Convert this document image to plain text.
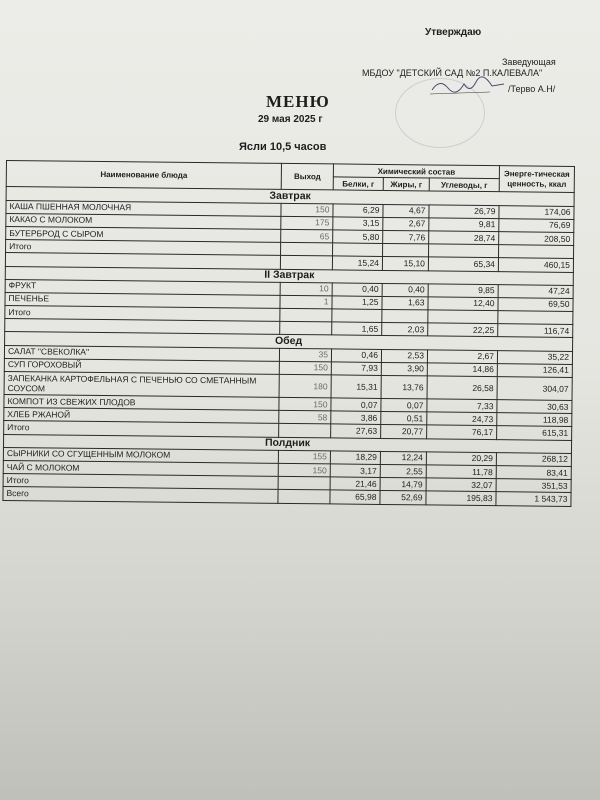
Утверждаю
Заведующая
МБДОУ "ДЕТСКИЙ САД №2 П.КАЛЕВАЛА"
/Тервo А.Н/
МЕНЮ
29 мая 2025 г
Ясли 10,5 часов
Наименование блюда	Выход	Химический состав			Энерге-тическая ценность, ккал
		Белки, г	Жиры, г	Углеводы, г	
Завтрак					
КАША ПШЕННАЯ МОЛОЧНАЯ	150	6,29	4,67	26,79	174,06
КАКАО С МОЛОКОМ	175	3,15	2,67	9,81	76,69
БУТЕРБРОД С СЫРОМ	65	5,80	7,76	28,74	208,50
Итого					
		15,24	15,10	65,34	460,15
II Завтрак					
ФРУКТ	10	0,40	0,40	9,85	47,24
ПЕЧЕНЬЕ	1	1,25	1,63	12,40	69,50
Итого					
		1,65	2,03	22,25	116,74
Обед					
САЛАТ "СВЕКОЛКА"	35	0,46	2,53	2,67	35,22
СУП ГОРОХОВЫЙ	150	7,93	3,90	14,86	126,41
ЗАПЕКАНКА КАРТОФЕЛЬНАЯ С ПЕЧЕНЬЮ СО СМЕТАННЫМ СОУСОМ	180	15,31	13,76	26,58	304,07
КОМПОТ ИЗ СВЕЖИХ ПЛОДОВ	150	0,07	0,07	7,33	30,63
ХЛЕБ РЖАНОЙ	58	3,86	0,51	24,73	118,98
Итого		27,63	20,77	76,17	615,31
Полдник					
СЫРНИКИ СО СГУЩЕННЫМ МОЛОКОМ	155	18,29	12,24	20,29	268,12
ЧАЙ С МОЛОКОМ	150	3,17	2,55	11,78	83,41
Итого		21,46	14,79	32,07	351,53
Всего		65,98	52,69	195,83	1 543,73
